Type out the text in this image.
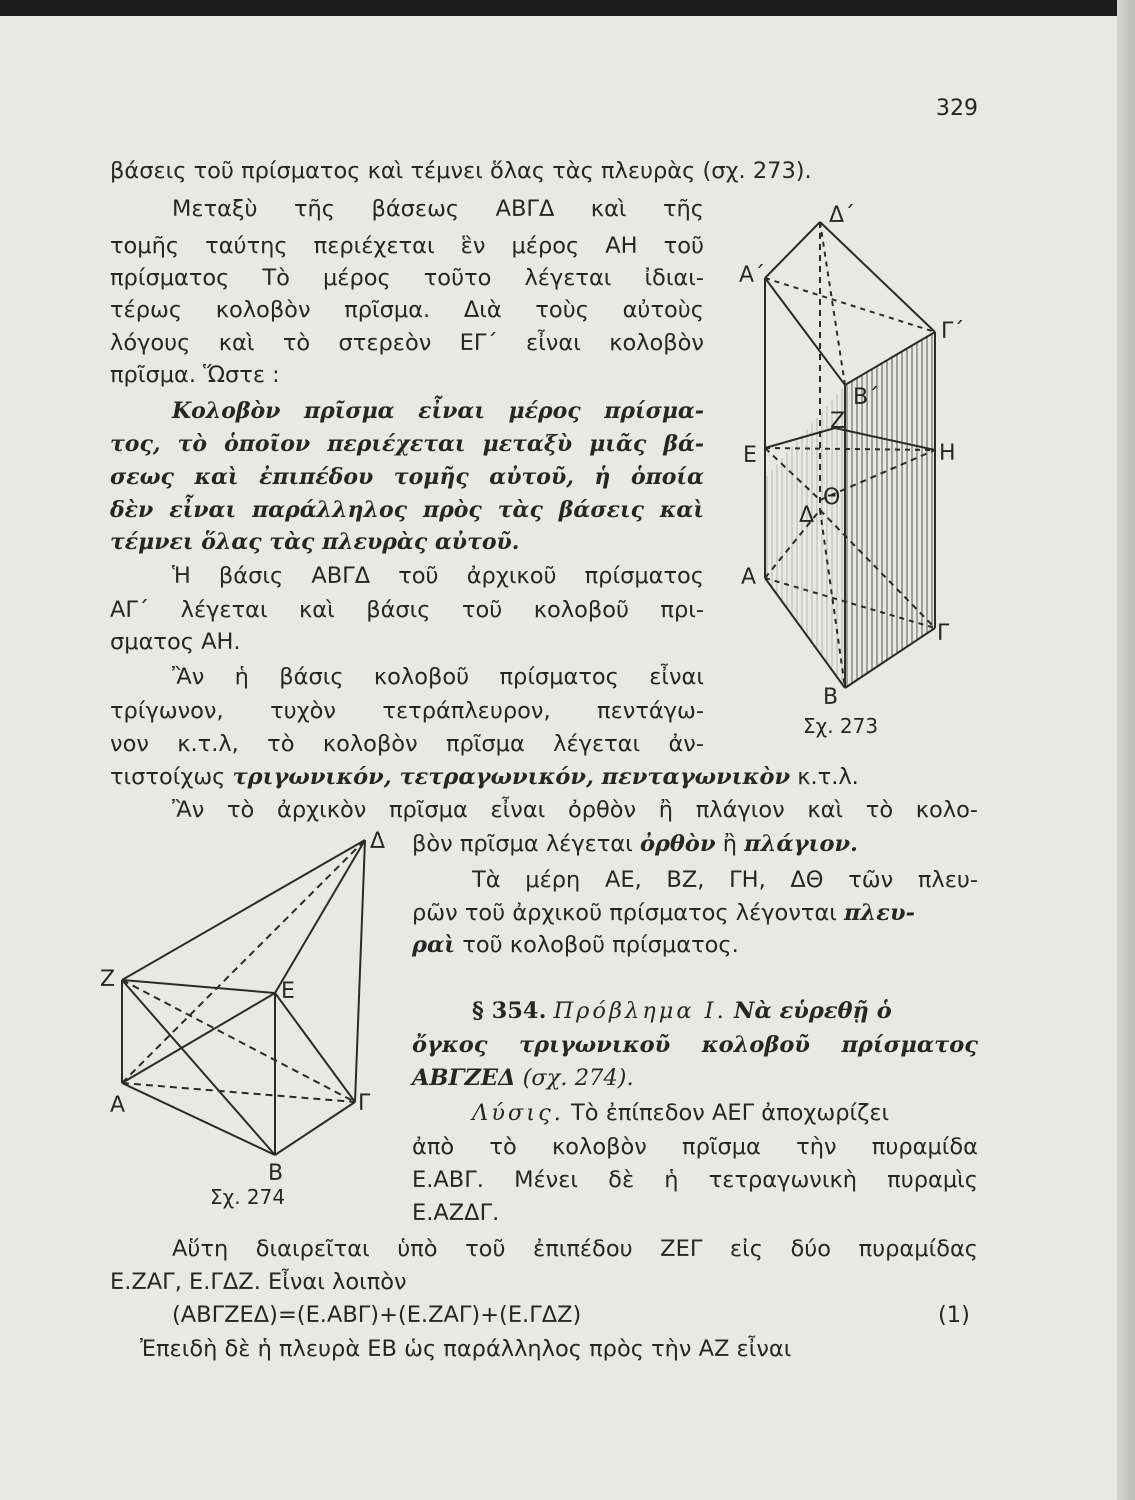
329
βάσεις τοῦ πρίσματος καὶ τέμνει ὅλας τὰς πλευρὰς (σχ. 273).
Μεταξὺ τῆς βάσεως ΑΒΓΔ καὶ τῆς
τομῆς ταύτης περιέχεται ἓν μέρος ΑΗ τοῦ
πρίσματος Τὸ μέρος τοῦτο λέγεται ἰδιαι-
τέρως κολοβὸν πρῖσμα. Διὰ τοὺς αὐτοὺς
λόγους καὶ τὸ στερεὸν ΕΓ΄ εἶναι κολοβὸν
πρῖσμα. Ὥστε :
Κολοβὸν πρῖσμα εἶναι μέρος πρίσμα-
τος, τὸ ὁποῖον περιέχεται μεταξὺ μιᾶς βά-
σεως καὶ ἐπιπέδου τομῆς αὐτοῦ, ἡ ὁποία
δὲν εἶναι παράλληλος πρὸς τὰς βάσεις καὶ
τέμνει ὅλας τὰς πλευρὰς αὐτοῦ.
Ἡ βάσις ΑΒΓΔ τοῦ ἀρχικοῦ πρίσματος
ΑΓ΄ λέγεται καὶ βάσις τοῦ κολοβοῦ πρι-
σματος ΑΗ.
Ἂν ἡ βάσις κολοβοῦ πρίσματος εἶναι
τρίγωνον, τυχὸν τετράπλευρον, πεντάγω-
νον κ.τ.λ, τὸ κολοβὸν πρῖσμα λέγεται ἀν-
τιστοίχως τριγωνικόν, τετραγωνικόν, πενταγωνικὸν κ.τ.λ.
Ἂν τὸ ἀρχικὸν πρῖσμα εἶναι ὀρθὸν ἢ πλάγιον καὶ τὸ κολο-
βὸν πρῖσμα λέγεται ὀρθὸν ἢ πλάγιον.
Τὰ μέρη ΑΕ, ΒΖ, ΓΗ, ΔΘ τῶν πλευ-
ρῶν τοῦ ἀρχικοῦ πρίσματος λέγονται πλευ-
ραὶ τοῦ κολοβοῦ πρίσματος.
§ 354. Πρόβλημα Ι. Νὰ εὑρεθῇ ὁ
ὄγκος τριγωνικοῦ κολοβοῦ πρίσματος
ΑΒΓΖΕΔ (σχ. 274).
Λύσις. Τὸ ἐπίπεδον ΑΕΓ ἀποχωρίζει
ἀπὸ τὸ κολοβὸν πρῖσμα τὴν πυραμίδα
Ε.ΑΒΓ. Μένει δὲ ἡ τετραγωνικὴ πυραμὶς
Ε.ΑΖΔΓ.
Αὕτη διαιρεῖται ὑπὸ τοῦ ἐπιπέδου ΖΕΓ εἰς δύο πυραμίδας
Ε.ΖΑΓ, Ε.ΓΔΖ. Εἶναι λοιπὸν
(ΑΒΓΖΕΔ)=(Ε.ΑΒΓ)+(Ε.ΖΑΓ)+(Ε.ΓΔΖ)	(1)
Ἐπειδὴ δὲ ἡ πλευρὰ ΕΒ ὡς παράλληλος πρὸς τὴν ΑΖ εἶναι
Δ΄
Α΄
Γ΄
Β΄
Ζ
Ε	Η
Θ
Δ
Α
Γ
Β
Σχ. 273
Δ
Ζ	Ε
Α	Γ
Β
Σχ. 274
